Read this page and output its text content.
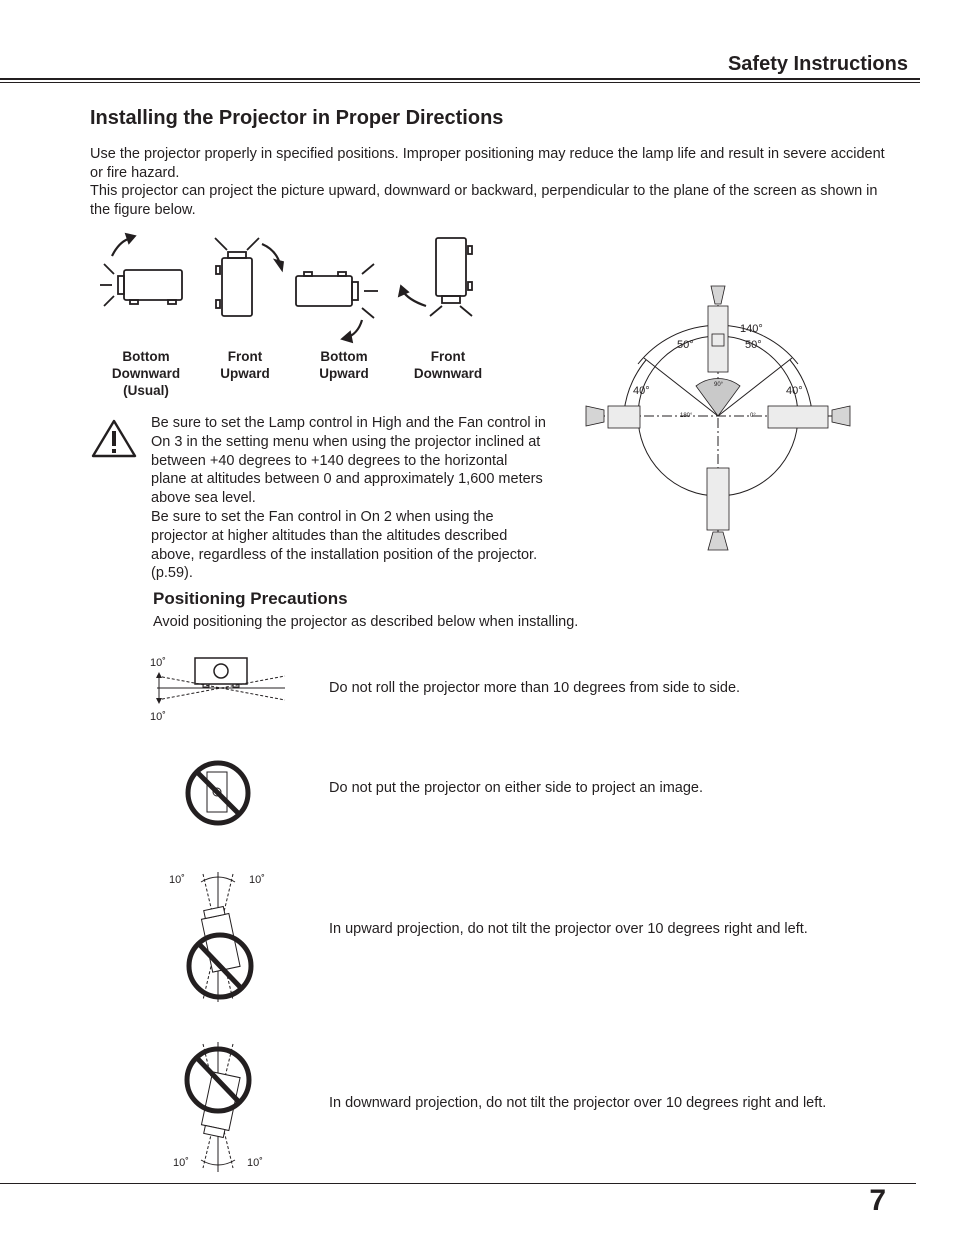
Safety Instructions
Installing the Projector in Proper Directions

Use the projector properly in specified positions. Improper positioning may reduce the lamp life and result in severe accident or fire hazard.

This projector can project the picture upward, downward or backward, perpendicular to the plane of the screen as shown in the figure below.

Bottom
Downward
(Usual)
Front
Upward
Bottom
Upward
Front
Downward
140°
50°	50°
40°	40°
90°
180°	0°

Be sure to set the Lamp control in High and the Fan control in On 3 in the setting menu when using the projector inclined at between +40 degrees to +140 degrees to the horizontal plane at altitudes between 0 and approximately 1,600 meters above sea level.
Be sure to set the Fan control in On 2 when using the projector at higher altitudes than the altitudes described above, regardless of the installation position of the projector. (p.59).

Positioning Precautions
Avoid positioning the projector as described below when installing.
10˚
10˚
Do not roll the projector more than 10 degrees from side to side.
Do not put the projector on either side to project an image.
10˚	10˚
In upward projection, do not tilt the projector over 10 degrees right and left.
10˚	10˚
In downward projection, do not tilt the projector over 10 degrees right and left.
7
